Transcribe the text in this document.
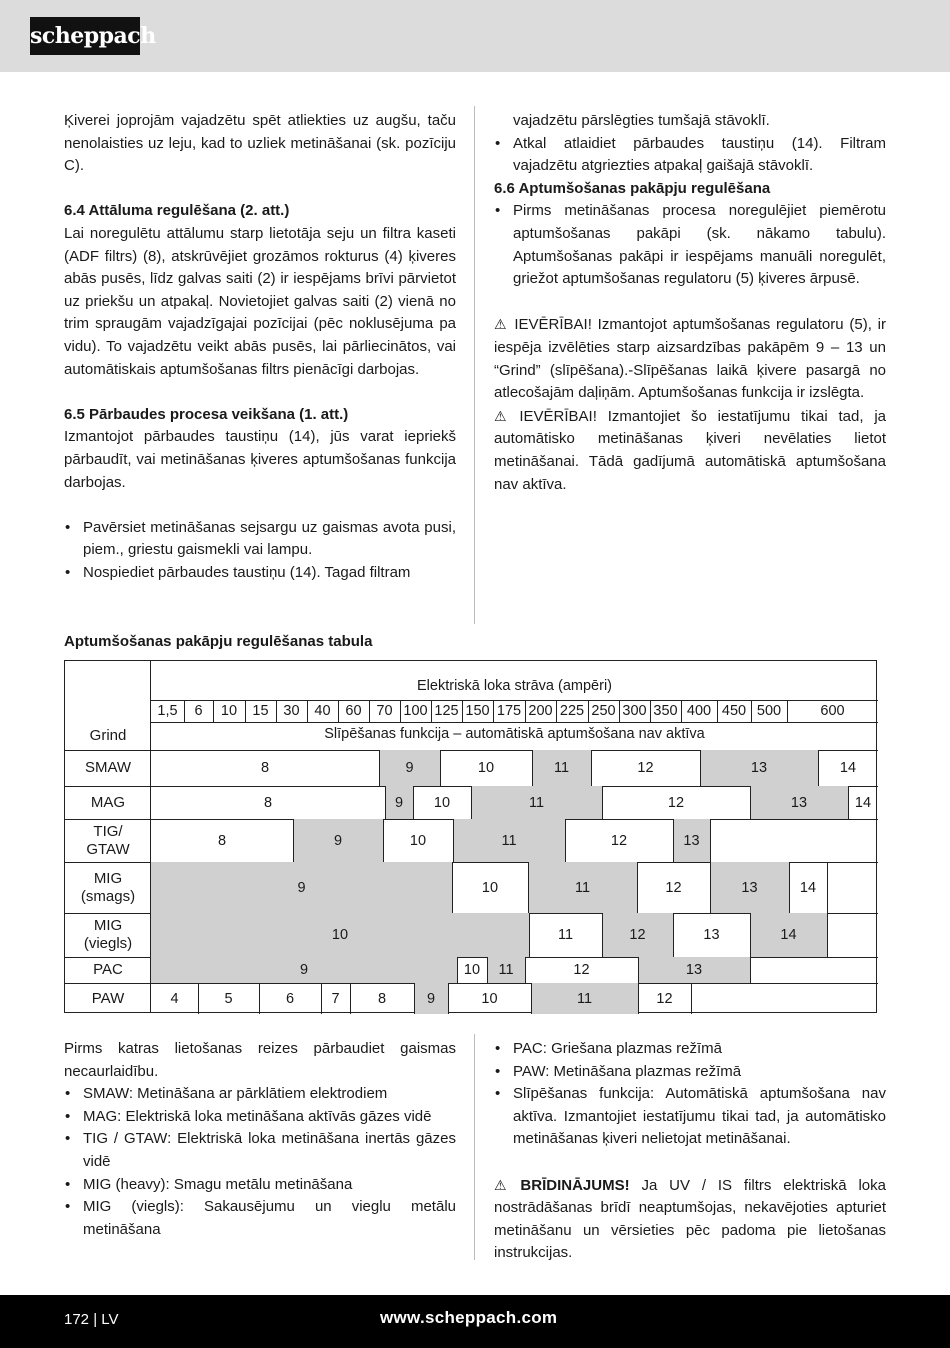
scheppach

Ķiverei joprojām vajadzētu spēt atliekties uz augšu, taču nenolaisties uz leju, kad to uzliek metināšanai (sk. pozīciju C).

6.4 Attāluma regulēšana (2. att.)

Lai noregulētu attālumu starp lietotāja seju un filtra kaseti (ADF filtrs) (8), atskrūvējiet grozāmos rokturus (4) ķiveres abās pusēs, līdz galvas saiti (2) ir iespējams brīvi pārvietot uz priekšu un atpakaļ. Novietojiet galvas saiti (2) vienā no trim spraugām vajadzīgajai pozīcijai (pēc noklusējuma pa vidu). To vajadzētu veikt abās pusēs, lai pārliecinātos, vai automātiskais aptumšošanas filtrs pienācīgi darbojas.

6.5 Pārbaudes procesa veikšana (1. att.)

Izmantojot pārbaudes taustiņu (14), jūs varat iepriekš pārbaudīt, vai metināšanas ķiveres aptumšošanas funkcija darbojas.

• Pavērsiet metināšanas sejsargu uz gaismas avota pusi, piem., griestu gaismekli vai lampu.
• Nospiediet pārbaudes taustiņu (14). Tagad filtram

vajadzētu pārslēgties tumšajā stāvoklī.

• Atkal atlaidiet pārbaudes taustiņu (14). Filtram vajadzētu atgriezties atpakaļ gaišajā stāvoklī.

6.6 Aptumšošanas pakāpju regulēšana

• Pirms metināšanas procesa noregulējiet piemērotu aptumšošanas pakāpi (sk. nākamo tabulu). Aptumšošanas pakāpi ir iespējams manuāli noregulēt, griežot aptumšošanas regulatoru (5) ķiveres ārpusē.

⚠ IEVĒRĪBAI! Izmantojot aptumšošanas regulatoru (5), ir iespēja izvēlēties starp aizsardzības pakāpēm 9 – 13 un “Grind” (slīpēšana).-Slīpēšanas laikā ķivere pasargā no atlecošajām daļiņām. Aptumšošanas funkcija ir izslēgta.

⚠ IEVĒRĪBAI! Izmantojiet šo iestatījumu tikai tad, ja automātisko metināšanas ķiveri nevēlaties lietot metināšanai. Tādā gadījumā automātiskā aptumšošana nav aktīva.

Aptumšošanas pakāpju regulēšanas tabula
Elektriskā loka strāva (ampēri)
1,5	6	10	15	30	40	60	70 100 125 150 175 200 225 250 300 350 400 450 500	600
Grind	Slīpēšanas funkcija – automātiskā aptumšošana nav aktīva
SMAW	8	9	10	11	12	13	14
MAG	8	9	10	11	12	13	14
TIG/
GTAW	8	9	10	11	12	13
MIG
(smags)	9	10	11	12	13	14
MIG
(viegls)	10	11	12	13	14
PAC	9	10	11	12	13
PAW	4	5	6	7	8	9	10	11	12

Pirms katras lietošanas reizes pārbaudiet gaismas necaurlaidību.

• SMAW: Metināšana ar pārklātiem elektrodiem
• MAG: Elektriskā loka metināšana aktīvās gāzes vidē
• TIG / GTAW: Elektriskā loka metināšana inertās gāzes vidē
• MIG (heavy): Smagu metālu metināšana
• MIG (viegls): Sakausējumu un vieglu metālu metināšana
• PAC: Griešana plazmas režīmā
• PAW: Metināšana plazmas režīmā
• Slīpēšanas funkcija: Automātiskā aptumšošana nav aktīva. Izmantojiet iestatījumu tikai tad, ja automātisko metināšanas ķiveri nelietojat metināšanai.

⚠ BRĪDINĀJUMS! Ja UV / IS filtrs elektriskā loka nostrādāšanas brīdī neaptumšojas, nekavējoties apturiet metināšanu un vērsieties pēc padoma pie lietošanas instrukcijas.

172 | LV	www.scheppach.com
